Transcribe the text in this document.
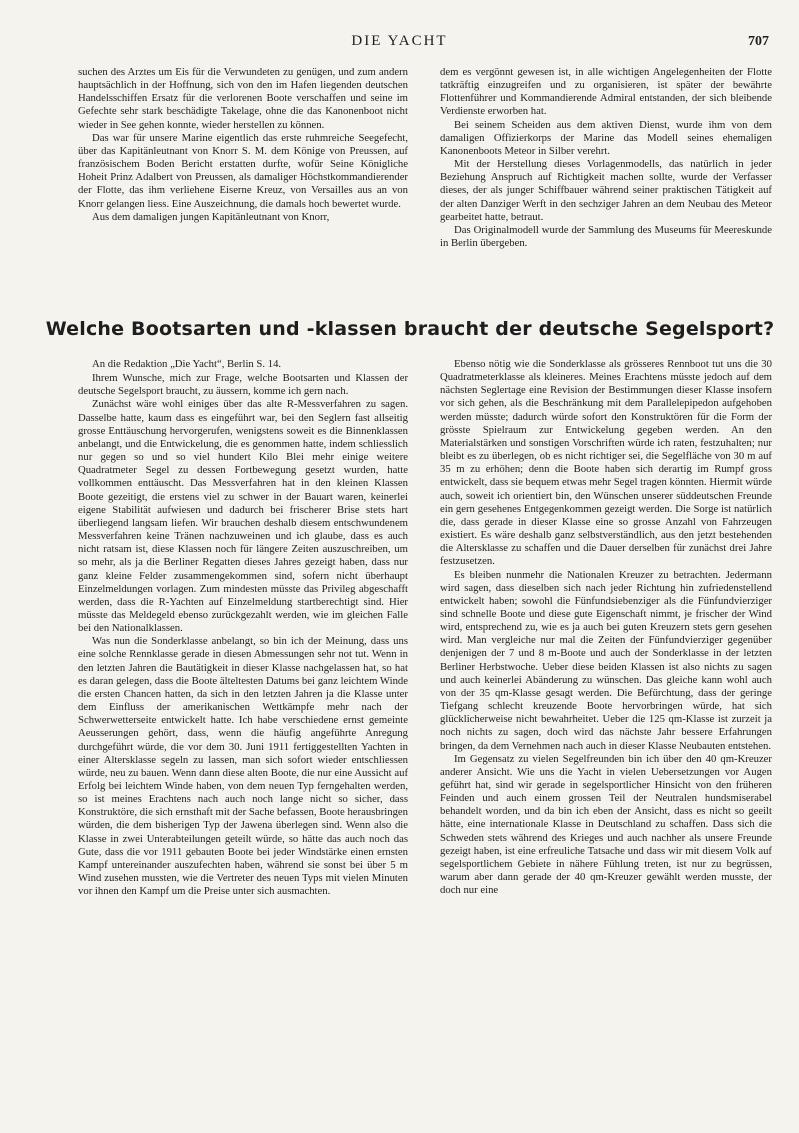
DIE YACHT	707

suchen des Arztes um Eis für die Verwundeten zu genügen, und zum andern hauptsächlich in der Hoffnung, sich von den im Hafen liegenden deutschen Handelsschiffen Ersatz für die verlorenen Boote verschaffen und seine im Gefechte sehr stark beschädigte Takelage, ohne die das Kanonenboot nicht wieder in See gehen konnte, wieder herstellen zu können.

Das war für unsere Marine eigentlich das erste ruhmreiche Seegefecht, über das Kapitänleutnant von Knorr S. M. dem Könige von Preussen, auf französischem Boden Bericht erstatten durfte, wofür Seine Königliche Hoheit Prinz Adalbert von Preussen, als damaliger Höchstkommandierender der Flotte, das ihm verliehene Eiserne Kreuz, von Versailles aus an von Knorr gelangen liess. Eine Auszeichnung, die damals hoch bewertet wurde.

Aus dem damaligen jungen Kapitänleutnant von Knorr,

dem es vergönnt gewesen ist, in alle wichtigen Angelegenheiten der Flotte tatkräftig einzugreifen und zu organisieren, ist später der bewährte Flottenführer und Kommandierende Admiral entstanden, der sich bleibende Verdienste erworben hat.

Bei seinem Scheiden aus dem aktiven Dienst, wurde ihm von dem damaligen Offizierkorps der Marine das Modell seines ehemaligen Kanonenboots Meteor in Silber verehrt.

Mit der Herstellung dieses Vorlagenmodells, das natürlich in jeder Beziehung Anspruch auf Richtigkeit machen sollte, wurde der Verfasser dieses, der als junger Schiffbauer während seiner praktischen Tätigkeit auf der alten Danziger Werft in den sechziger Jahren an dem Neubau des Meteor gearbeitet hatte, betraut.

Das Originalmodell wurde der Sammlung des Museums für Meereskunde in Berlin übergeben.

Welche Bootsarten und -klassen braucht der deutsche Segelsport?

An die Redaktion „Die Yacht“, Berlin S. 14.

Ihrem Wunsche, mich zur Frage, welche Bootsarten und Klassen der deutsche Segelsport braucht, zu äussern, komme ich gern nach.

Zunächst wäre wohl einiges über das alte R-Messverfahren zu sagen. Dasselbe hatte, kaum dass es eingeführt war, bei den Seglern fast allseitig grosse Enttäuschung hervorgerufen, wenigstens soweit es die Binnenklassen anbelangt, und die Entwickelung, die es genommen hatte, indem schliesslich nur gegen so und so viel hundert Kilo Blei mehr einige weitere Quadratmeter Segel zu dessen Fortbewegung gesetzt wurden, hatte vollkommen enttäuscht. Das Messverfahren hat in den kleinen Klassen Boote gezeitigt, die erstens viel zu schwer in der Bauart waren, keinerlei eigene Stabilität aufwiesen und dadurch bei frischerer Brise stets hart überliegend langsam liefen. Wir brauchen deshalb diesem entschwundenem Messverfahren keine Tränen nachzuweinen und ich glaube, dass es auch nicht ratsam ist, diese Klassen noch für längere Zeiten auszuschreiben, um so mehr, als ja die Berliner Regatten dieses Jahres gezeigt haben, dass nur ganz kleine Felder zusammengekommen sind, sofern nicht überhaupt Einzelmeldungen vorlagen. Zum mindesten müsste das Privileg abgeschafft werden, dass die R-Yachten auf Einzelmeldung startberechtigt sind. Hier müsste das Meldegeld ebenso zurückgezahlt werden, wie im gleichen Falle bei den Nationalklassen.

Was nun die Sonderklasse anbelangt, so bin ich der Meinung, dass uns eine solche Rennklasse gerade in diesen Abmessungen sehr not tut. Wenn in den letzten Jahren die Bautätigkeit in dieser Klasse nachgelassen hat, so hat es daran gelegen, dass die Boote älteltesten Datums bei ganz leichtem Winde die ersten Chancen hatten, da sich in den letzten Jahren ja die Klasse unter dem Einfluss der amerikanischen Wettkämpfe mehr nach der Schwerwetterseite entwickelt hatte. Ich habe verschiedene ernst gemeinte Aeusserungen gehört, dass, wenn die häufig angeführte Anregung durchgeführt würde, die vor dem 30. Juni 1911 fertiggestellten Yachten in einer Altersklasse segeln zu lassen, man sich sofort wieder entschliessen würde, neu zu bauen. Wenn dann diese alten Boote, die nur eine Aussicht auf Erfolg bei leichtem Winde haben, von dem neuen Typ ferngehalten werden, so ist meines Erachtens nach auch noch lange nicht so sicher, dass Konstruktöre, die sich ernsthaft mit der Sache befassen, Boote herausbringen würden, die dem bisherigen Typ der Jawena überlegen sind. Wenn also die Klasse in zwei Unterabteilungen geteilt würde, so hätte das auch noch das Gute, dass die vor 1911 gebauten Boote bei jeder Windstärke einen ernsten Kampf untereinander auszufechten haben, während sie sonst bei über 5 m Wind zusehen mussten, wie die Vertreter des neuen Typs mit vielen Minuten vor ihnen den Kampf um die Preise unter sich ausmachten.

Ebenso nötig wie die Sonderklasse als grösseres Rennboot tut uns die 30 Quadratmeterklasse als kleineres. Meines Erachtens müsste jedoch auf dem nächsten Seglertage eine Revision der Bestimmungen dieser Klasse insofern vor sich gehen, als die Beschränkung mit dem Parallelepipedon aufgehoben werden müsste; dadurch würde sofort den Konstruktören für die Form der grösste Spielraum zur Entwickelung gegeben werden. An den Materialstärken und sonstigen Vorschriften würde ich raten, festzuhalten; nur bleibt es zu überlegen, ob es nicht richtiger sei, die Segelfläche von 30 m auf 35 m zu erhöhen; denn die Boote haben sich derartig im Rumpf gross entwickelt, dass sie bequem etwas mehr Segel tragen könnten. Hiermit würde auch, soweit ich orientiert bin, den Wünschen unserer süddeutschen Freunde ein gern gesehenes Entgegenkommen gezeigt werden. Die Sorge ist natürlich die, dass gerade in dieser Klasse eine so grosse Anzahl von Fahrzeugen existiert. Es wäre deshalb ganz selbstverständlich, aus den jetzt bestehenden die Altersklasse zu schaffen und die Dauer derselben für zunächst drei Jahre festzusetzen.

Es bleiben nunmehr die Nationalen Kreuzer zu betrachten. Jedermann wird sagen, dass dieselben sich nach jeder Richtung hin zufriedenstellend entwickelt haben; sowohl die Fünfundsiebenziger als die Fünfundvierziger sind schnelle Boote und diese gute Eigenschaft nimmt, je frischer der Wind wird, entsprechend zu, wie es ja auch bei guten Kreuzern stets gern gesehen wird. Man vergleiche nur mal die Zeiten der Fünfundvierziger gegenüber denjenigen der 7 und 8 m-Boote und auch der Sonderklasse in der letzten Berliner Herbstwoche. Ueber diese beiden Klassen ist also nichts zu sagen und auch keinerlei Abänderung zu wünschen. Das gleiche kann wohl auch von der 35 qm-Klasse gesagt werden. Die Befürchtung, dass der geringe Tiefgang schlecht kreuzende Boote hervorbringen würde, hat sich glücklicherweise nicht bewahrheitet. Ueber die 125 qm-Klasse ist zurzeit ja noch nichts zu sagen, doch wird das nächste Jahr bessere Erfahrungen bringen, da dem Vernehmen nach auch in dieser Klasse Neubauten entstehen.

Im Gegensatz zu vielen Segelfreunden bin ich über den 40 qm-Kreuzer anderer Ansicht. Wie uns die Yacht in vielen Uebersetzungen vor Augen geführt hat, sind wir gerade in segelsportlicher Hinsicht von den früheren Feinden und auch einem grossen Teil der Neutralen hundsmiserabel behandelt worden, und da bin ich eben der Ansicht, dass es nicht so geeilt hätte, eine internationale Klasse in Deutschland zu schaffen. Dass sich die Schweden stets während des Krieges und auch nachher als unsere Freunde gezeigt haben, ist eine erfreuliche Tatsache und dass wir mit diesem Volk auf segelsportlichem Gebiete in nähere Fühlung treten, ist nur zu begrüssen, warum aber dann gerade der 40 qm-Kreuzer gewählt werden musste, der doch nur eine
